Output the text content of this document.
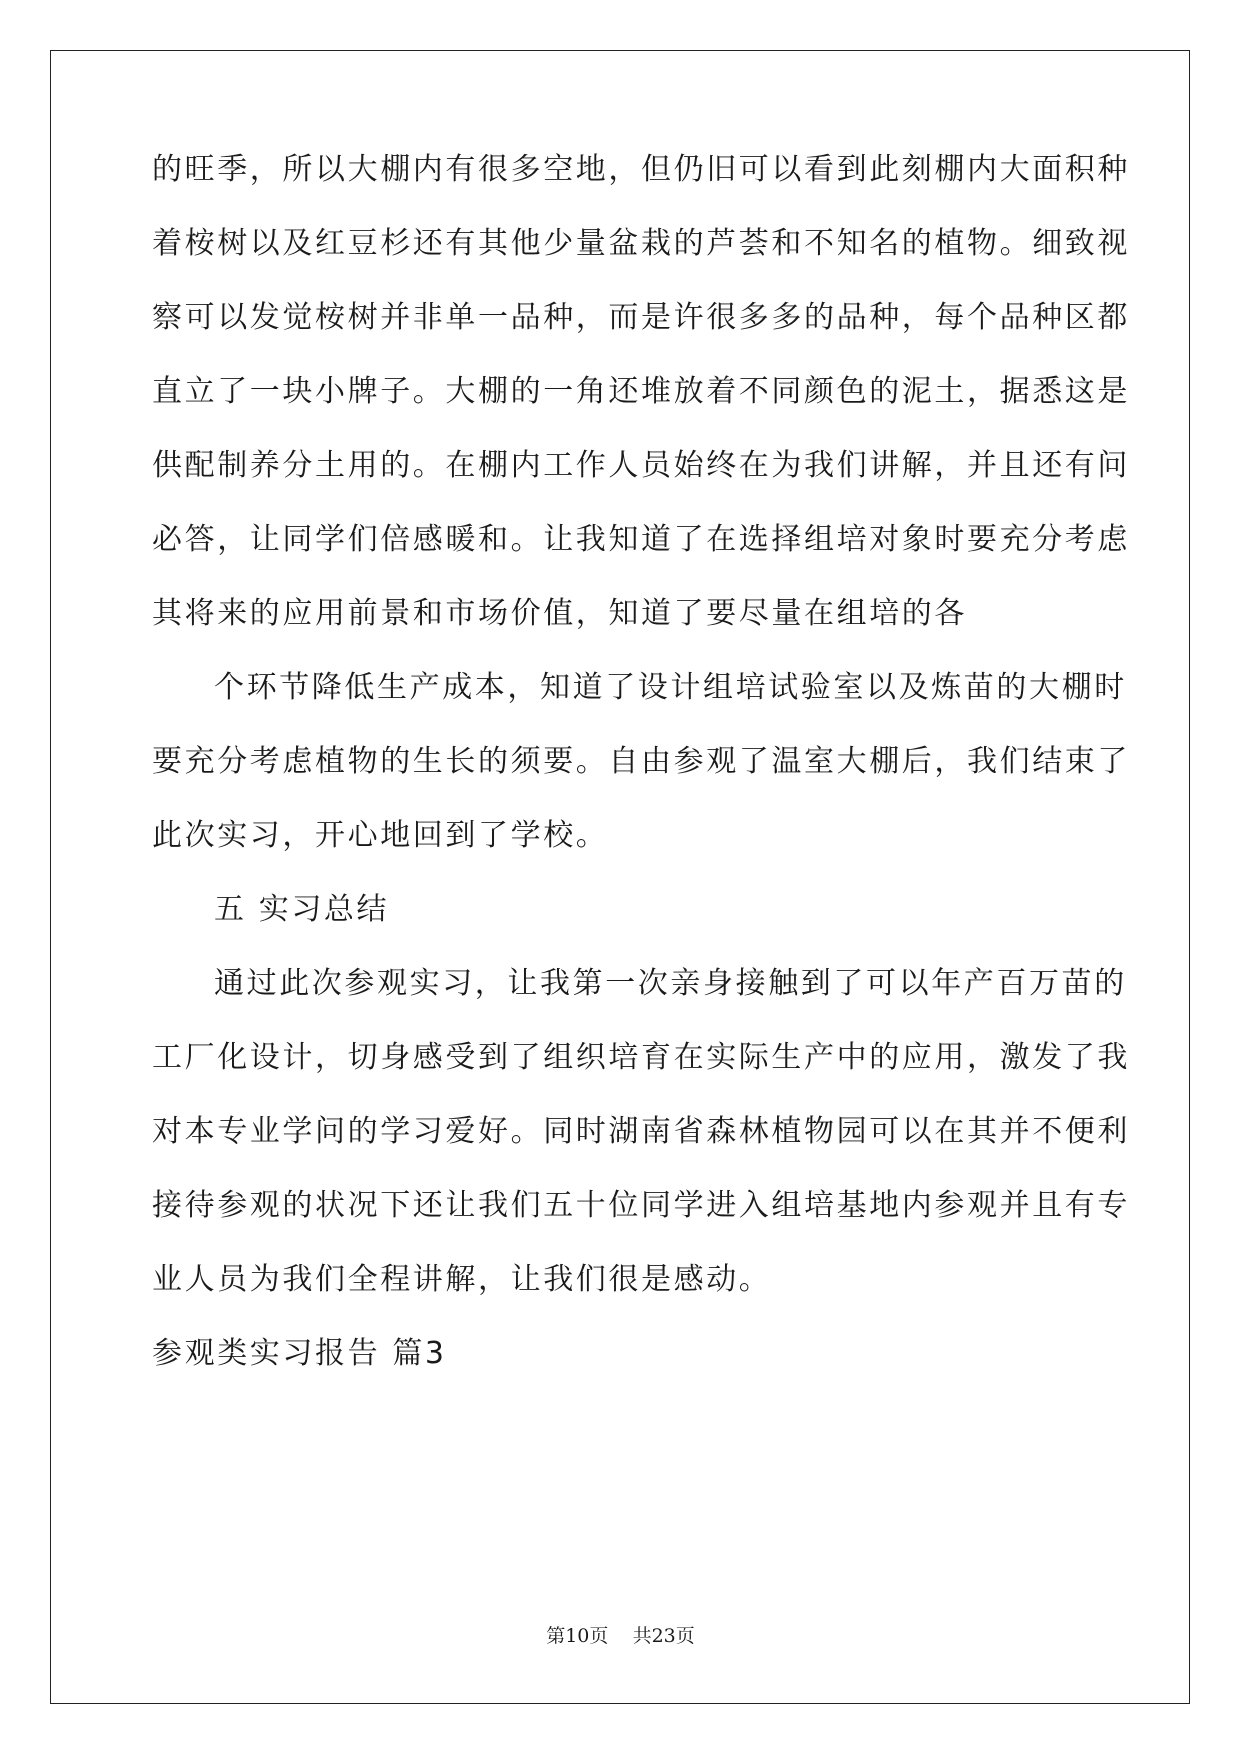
的旺季，所以大棚内有很多空地，但仍旧可以看到此刻棚内大面积种
着桉树以及红豆杉还有其他少量盆栽的芦荟和不知名的植物。细致视
察可以发觉桉树并非单一品种，而是许很多多的品种，每个品种区都
直立了一块小牌子。大棚的一角还堆放着不同颜色的泥土，据悉这是
供配制养分土用的。在棚内工作人员始终在为我们讲解，并且还有问
必答，让同学们倍感暖和。让我知道了在选择组培对象时要充分考虑
其将来的应用前景和市场价值，知道了要尽量在组培的各
个环节降低生产成本，知道了设计组培试验室以及炼苗的大棚时
要充分考虑植物的生长的须要。自由参观了温室大棚后，我们结束了
此次实习，开心地回到了学校。
五 实习总结
通过此次参观实习，让我第一次亲身接触到了可以年产百万苗的
工厂化设计，切身感受到了组织培育在实际生产中的应用，激发了我
对本专业学问的学习爱好。同时湖南省森林植物园可以在其并不便利
接待参观的状况下还让我们五十位同学进入组培基地内参观并且有专
业人员为我们全程讲解，让我们很是感动。
参观类实习报告 篇3
第10页 共23页
